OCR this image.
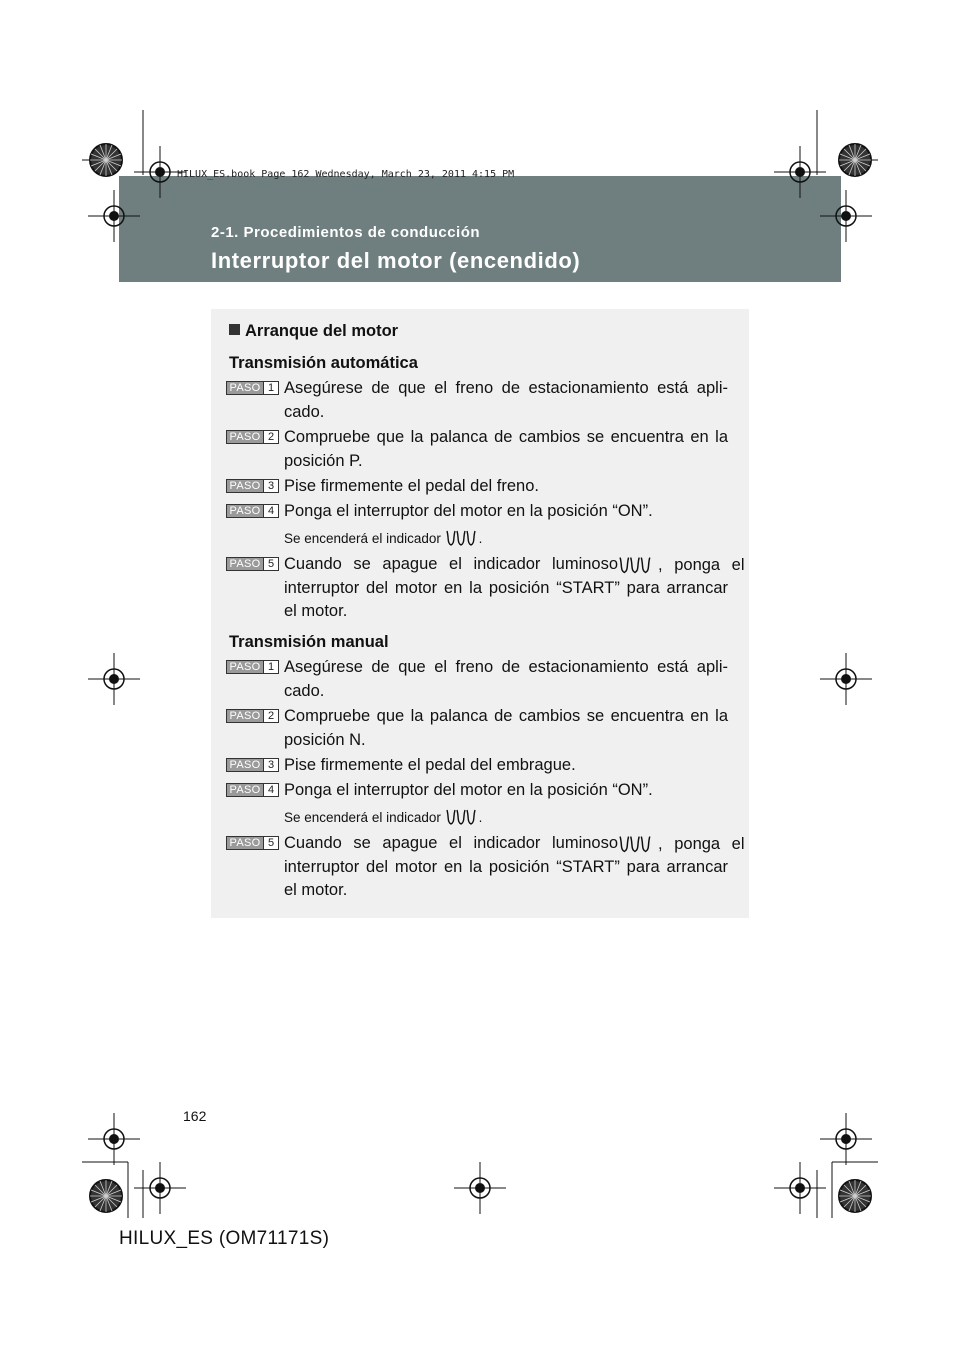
HILUX_ES.book Page 162 Wednesday, March 23, 2011 4:15 PM
2-1. Procedimientos de conducción
Interruptor del motor (encendido)
Arranque del motor
Transmisión automática
PASO 1 Asegúrese de que el freno de estacionamiento está apli-
cado.
PASO 2 Compruebe que la palanca de cambios se encuentra en la
posición P.
PASO 3 Pise firmemente el pedal del freno.
PASO 4 Ponga el interruptor del motor en la posición “ON”.
Se encenderá el indicador	.
PASO 5 Cuando se apague el indicador luminoso , ponga el
interruptor del motor en la posición “START” para arrancar
el motor.
Transmisión manual
PASO 1 Asegúrese de que el freno de estacionamiento está apli-
cado.
PASO 2 Compruebe que la palanca de cambios se encuentra en la
posición N.
PASO 3 Pise firmemente el pedal del embrague.
PASO 4 Ponga el interruptor del motor en la posición “ON”.
Se encenderá el indicador	.
PASO 5 Cuando se apague el indicador luminoso , ponga el
interruptor del motor en la posición “START” para arrancar
el motor.
162
HILUX_ES (OM71171S)
